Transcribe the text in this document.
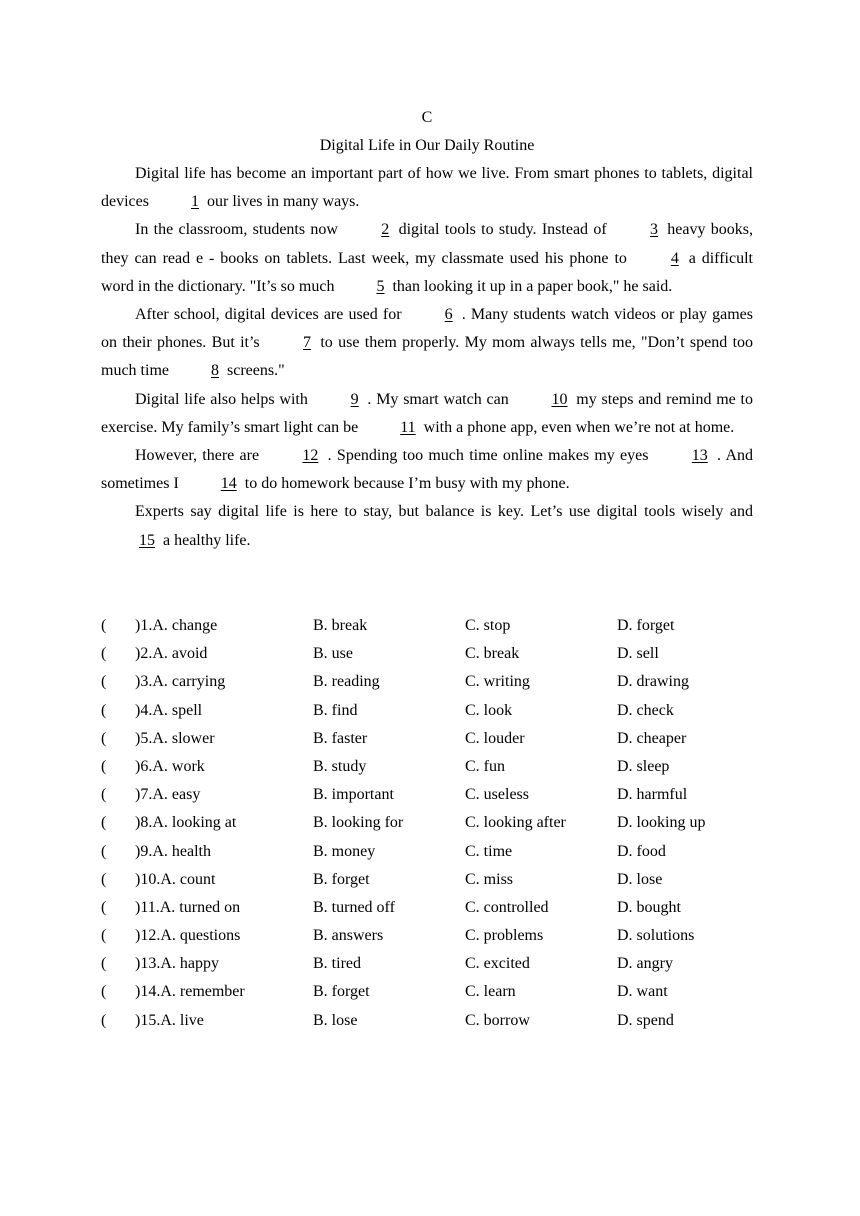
C
Digital Life in Our Daily Routine

Digital life has become an important part of how we live. From smart phones to tablets, digital devices 1 our lives in many ways.

In the classroom, students now 2 digital tools to study. Instead of 3 heavy books, they can read e - books on tablets. Last week, my classmate used his phone to 4 a difficult word in the dictionary. "It’s so much 5 than looking it up in a paper book," he said.

After school, digital devices are used for 6 . Many students watch videos or play games on their phones. But it’s 7 to use them properly. My mom always tells me, "Don’t spend too much time 8 screens."

Digital life also helps with 9 . My smart watch can 10 my steps and remind me to exercise. My family’s smart light can be 11 with a phone app, even when we’re not at home.

However, there are 12 . Spending too much time online makes my eyes 13 . And sometimes I 14 to do homework because I’m busy with my phone.

Experts say digital life is here to stay, but balance is key. Let’s use digital tools wisely and 15 a healthy life.

( )1.A. change	B. break	C. stop	D. forget
( )2.A. avoid	B. use	C. break	D. sell
( )3.A. carrying	B. reading	C. writing	D. drawing
( )4.A. spell	B. find	C. look	D. check
( )5.A. slower	B. faster	C. louder	D. cheaper
( )6.A. work	B. study	C. fun	D. sleep
( )7.A. easy	B. important	C. useless	D. harmful
( )8.A. looking at	B. looking for	C. looking after	D. looking up
( )9.A. health	B. money	C. time	D. food
( )10.A. count	B. forget	C. miss	D. lose
( )11.A. turned on	B. turned off	C. controlled	D. bought
( )12.A. questions	B. answers	C. problems	D. solutions
( )13.A. happy	B. tired	C. excited	D. angry
( )14.A. remember	B. forget	C. learn	D. want
( )15.A. live	B. lose	C. borrow	D. spend
